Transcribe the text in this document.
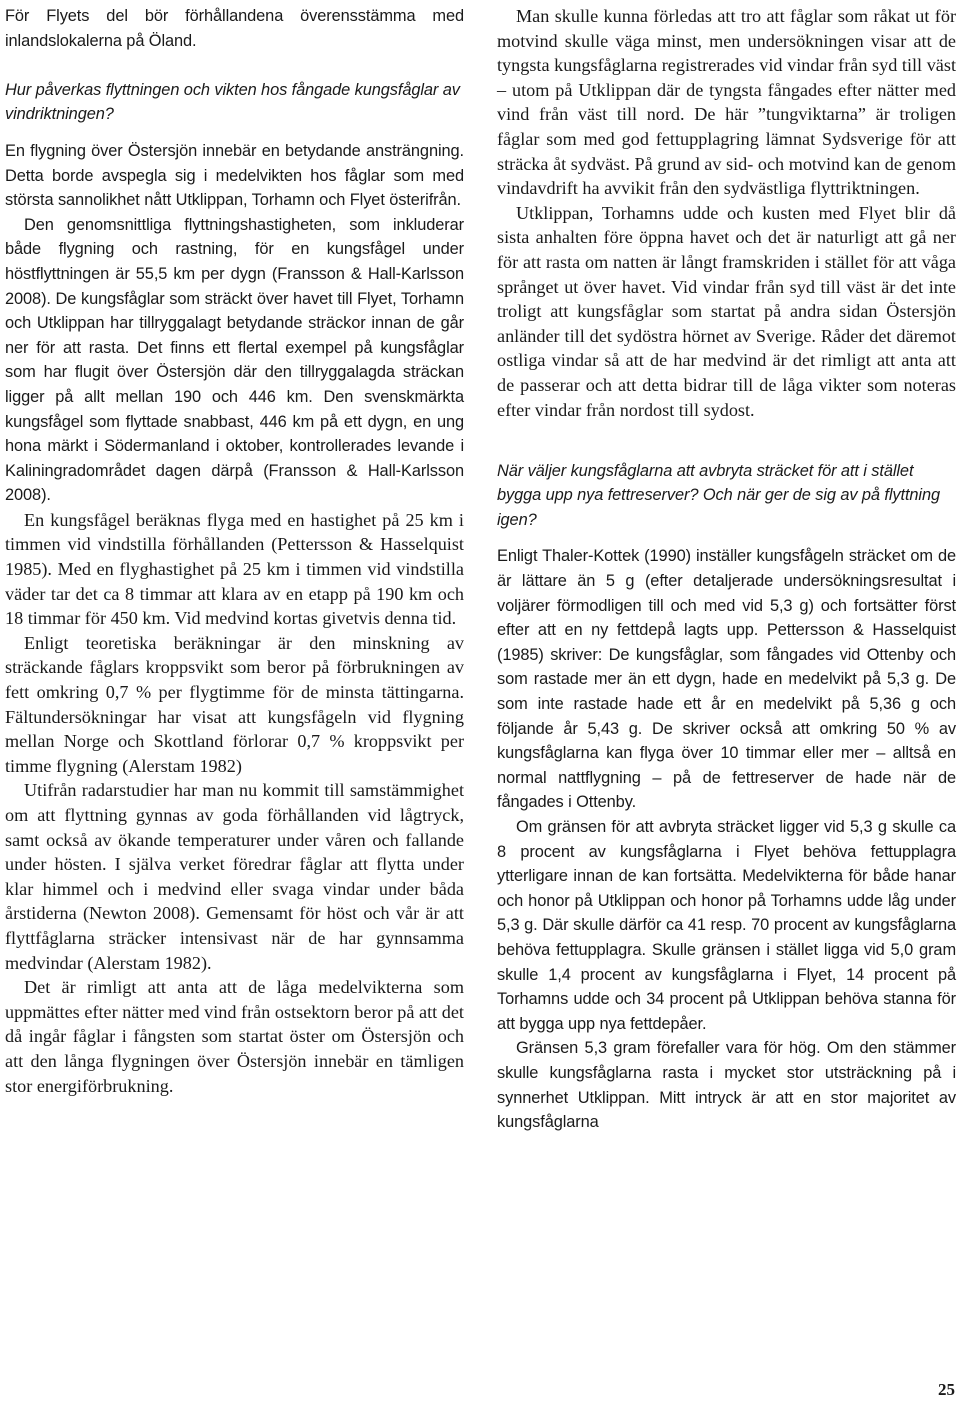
För Flyets del bör förhållandena överensstämma med inlandslokalerna på Öland.

Hur påverkas flyttningen och vikten hos fångade kungsfåglar av vindriktningen?

En flygning över Östersjön innebär en betydande ansträngning. Detta borde avspegla sig i medelvikten hos fåglar som med största sannolikhet nått Utklippan, Torhamn och Flyet österifrån.

Den genomsnittliga flyttningshastigheten, som inkluderar både flygning och rastning, för en kungsfågel under höstflyttningen är 55,5 km per dygn (Fransson & Hall-Karlsson 2008). De kungsfåglar som sträckt över havet till Flyet, Torhamn och Utklippan har tillryggalagt betydande sträckor innan de går ner för att rasta. Det finns ett flertal exempel på kungsfåglar som har flugit över Östersjön där den tillryggalagda sträckan ligger på allt mellan 190 och 446 km. Den svenskmärkta kungsfågel som flyttade snabbast, 446 km på ett dygn, en ung hona märkt i Södermanland i oktober, kontrollerades levande i Kaliningradområdet dagen därpå (Fransson & Hall-Karlsson 2008).

En kungsfågel beräknas flyga med en hastighet på 25 km i timmen vid vindstilla förhållanden (Pettersson & Hasselquist 1985). Med en flyghastighet på 25 km i timmen vid vindstilla väder tar det ca 8 timmar att klara av en etapp på 190 km och 18 timmar för 450 km. Vid medvind kortas givetvis denna tid.

Enligt teoretiska beräkningar är den minskning av sträckande fåglars kroppsvikt som beror på förbrukningen av fett omkring 0,7 % per flygtimme för de minsta tättingarna. Fältundersökningar har visat att kungsfågeln vid flygning mellan Norge och Skottland förlorar 0,7 % kroppsvikt per timme flygning (Alerstam 1982)

Utifrån radarstudier har man nu kommit till samstämmighet om att flyttning gynnas av goda förhållanden vid lågtryck, samt också av ökande temperaturer under våren och fallande under hösten. I själva verket föredrar fåglar att flytta under klar himmel och i medvind eller svaga vindar under båda årstiderna (Newton 2008). Gemensamt för höst och vår är att flyttfåglarna sträcker intensivast när de har gynnsamma medvindar (Alerstam 1982).

Det är rimligt att anta att de låga medelvikterna som uppmättes efter nätter med vind från ostsektorn beror på att det då ingår fåglar i fångsten som startat öster om Östersjön och att den långa flygningen över Östersjön innebär en tämligen stor energiförbrukning.

Man skulle kunna förledas att tro att fåglar som råkat ut för motvind skulle väga minst, men undersökningen visar att de tyngsta kungsfåglarna registrerades vid vindar från syd till väst – utom på Utklippan där de tyngsta fångades efter nätter med vind från väst till nord. De här ”tungviktarna” är troligen fåglar som med god fettupplagring lämnat Sydsverige för att sträcka åt sydväst. På grund av sid- och motvind kan de genom vindavdrift ha avvikit från den sydvästliga flyttriktningen.

Utklippan, Torhamns udde och kusten med Flyet blir då sista anhalten före öppna havet och det är naturligt att gå ner för att rasta om natten är långt framskriden i stället för att våga språnget ut över havet. Vid vindar från syd till väst är det inte troligt att kungsfåglar som startat på andra sidan Östersjön anländer till det sydöstra hörnet av Sverige. Råder det däremot ostliga vindar så att de har medvind är det rimligt att anta att de passerar och att detta bidrar till de låga vikter som noteras efter vindar från nordost till sydost.

När väljer kungsfåglarna att avbryta sträcket för att i stället bygga upp nya fettreserver? Och när ger de sig av på flyttning igen?

Enligt Thaler-Kottek (1990) inställer kungsfågeln sträcket om de är lättare än 5 g (efter detaljerade undersökningsresultat i voljärer förmodligen till och med vid 5,3 g) och fortsätter först efter att en ny fettdepå lagts upp. Pettersson & Hasselquist (1985) skriver: De kungsfåglar, som fångades vid Ottenby och som rastade mer än ett dygn, hade en medelvikt på 5,3 g. De som inte rastade hade ett år en medelvikt på 5,36 g och följande år 5,43 g. De skriver också att omkring 50 % av kungsfåglarna kan flyga över 10 timmar eller mer – alltså en normal nattflygning – på de fettreserver de hade när de fångades i Ottenby.

Om gränsen för att avbryta sträcket ligger vid 5,3 g skulle ca 8 procent av kungsfåglarna i Flyet behöva fettupplagra ytterligare innan de kan fortsätta. Medelvikterna för både hanar och honor på Utklippan och honor på Torhamns udde låg under 5,3 g. Där skulle därför ca 41 resp. 70 procent av kungsfåglarna behöva fettupplagra. Skulle gränsen i stället ligga vid 5,0 gram skulle 1,4 procent av kungsfåglarna i Flyet, 14 procent på Torhamns udde och 34 procent på Utklippan behöva stanna för att bygga upp nya fettdepåer.

Gränsen 5,3 gram förefaller vara för hög. Om den stämmer skulle kungsfåglarna rasta i mycket stor utsträckning på i synnerhet Utklippan. Mitt intryck är att en stor majoritet av kungsfåglarna

25
